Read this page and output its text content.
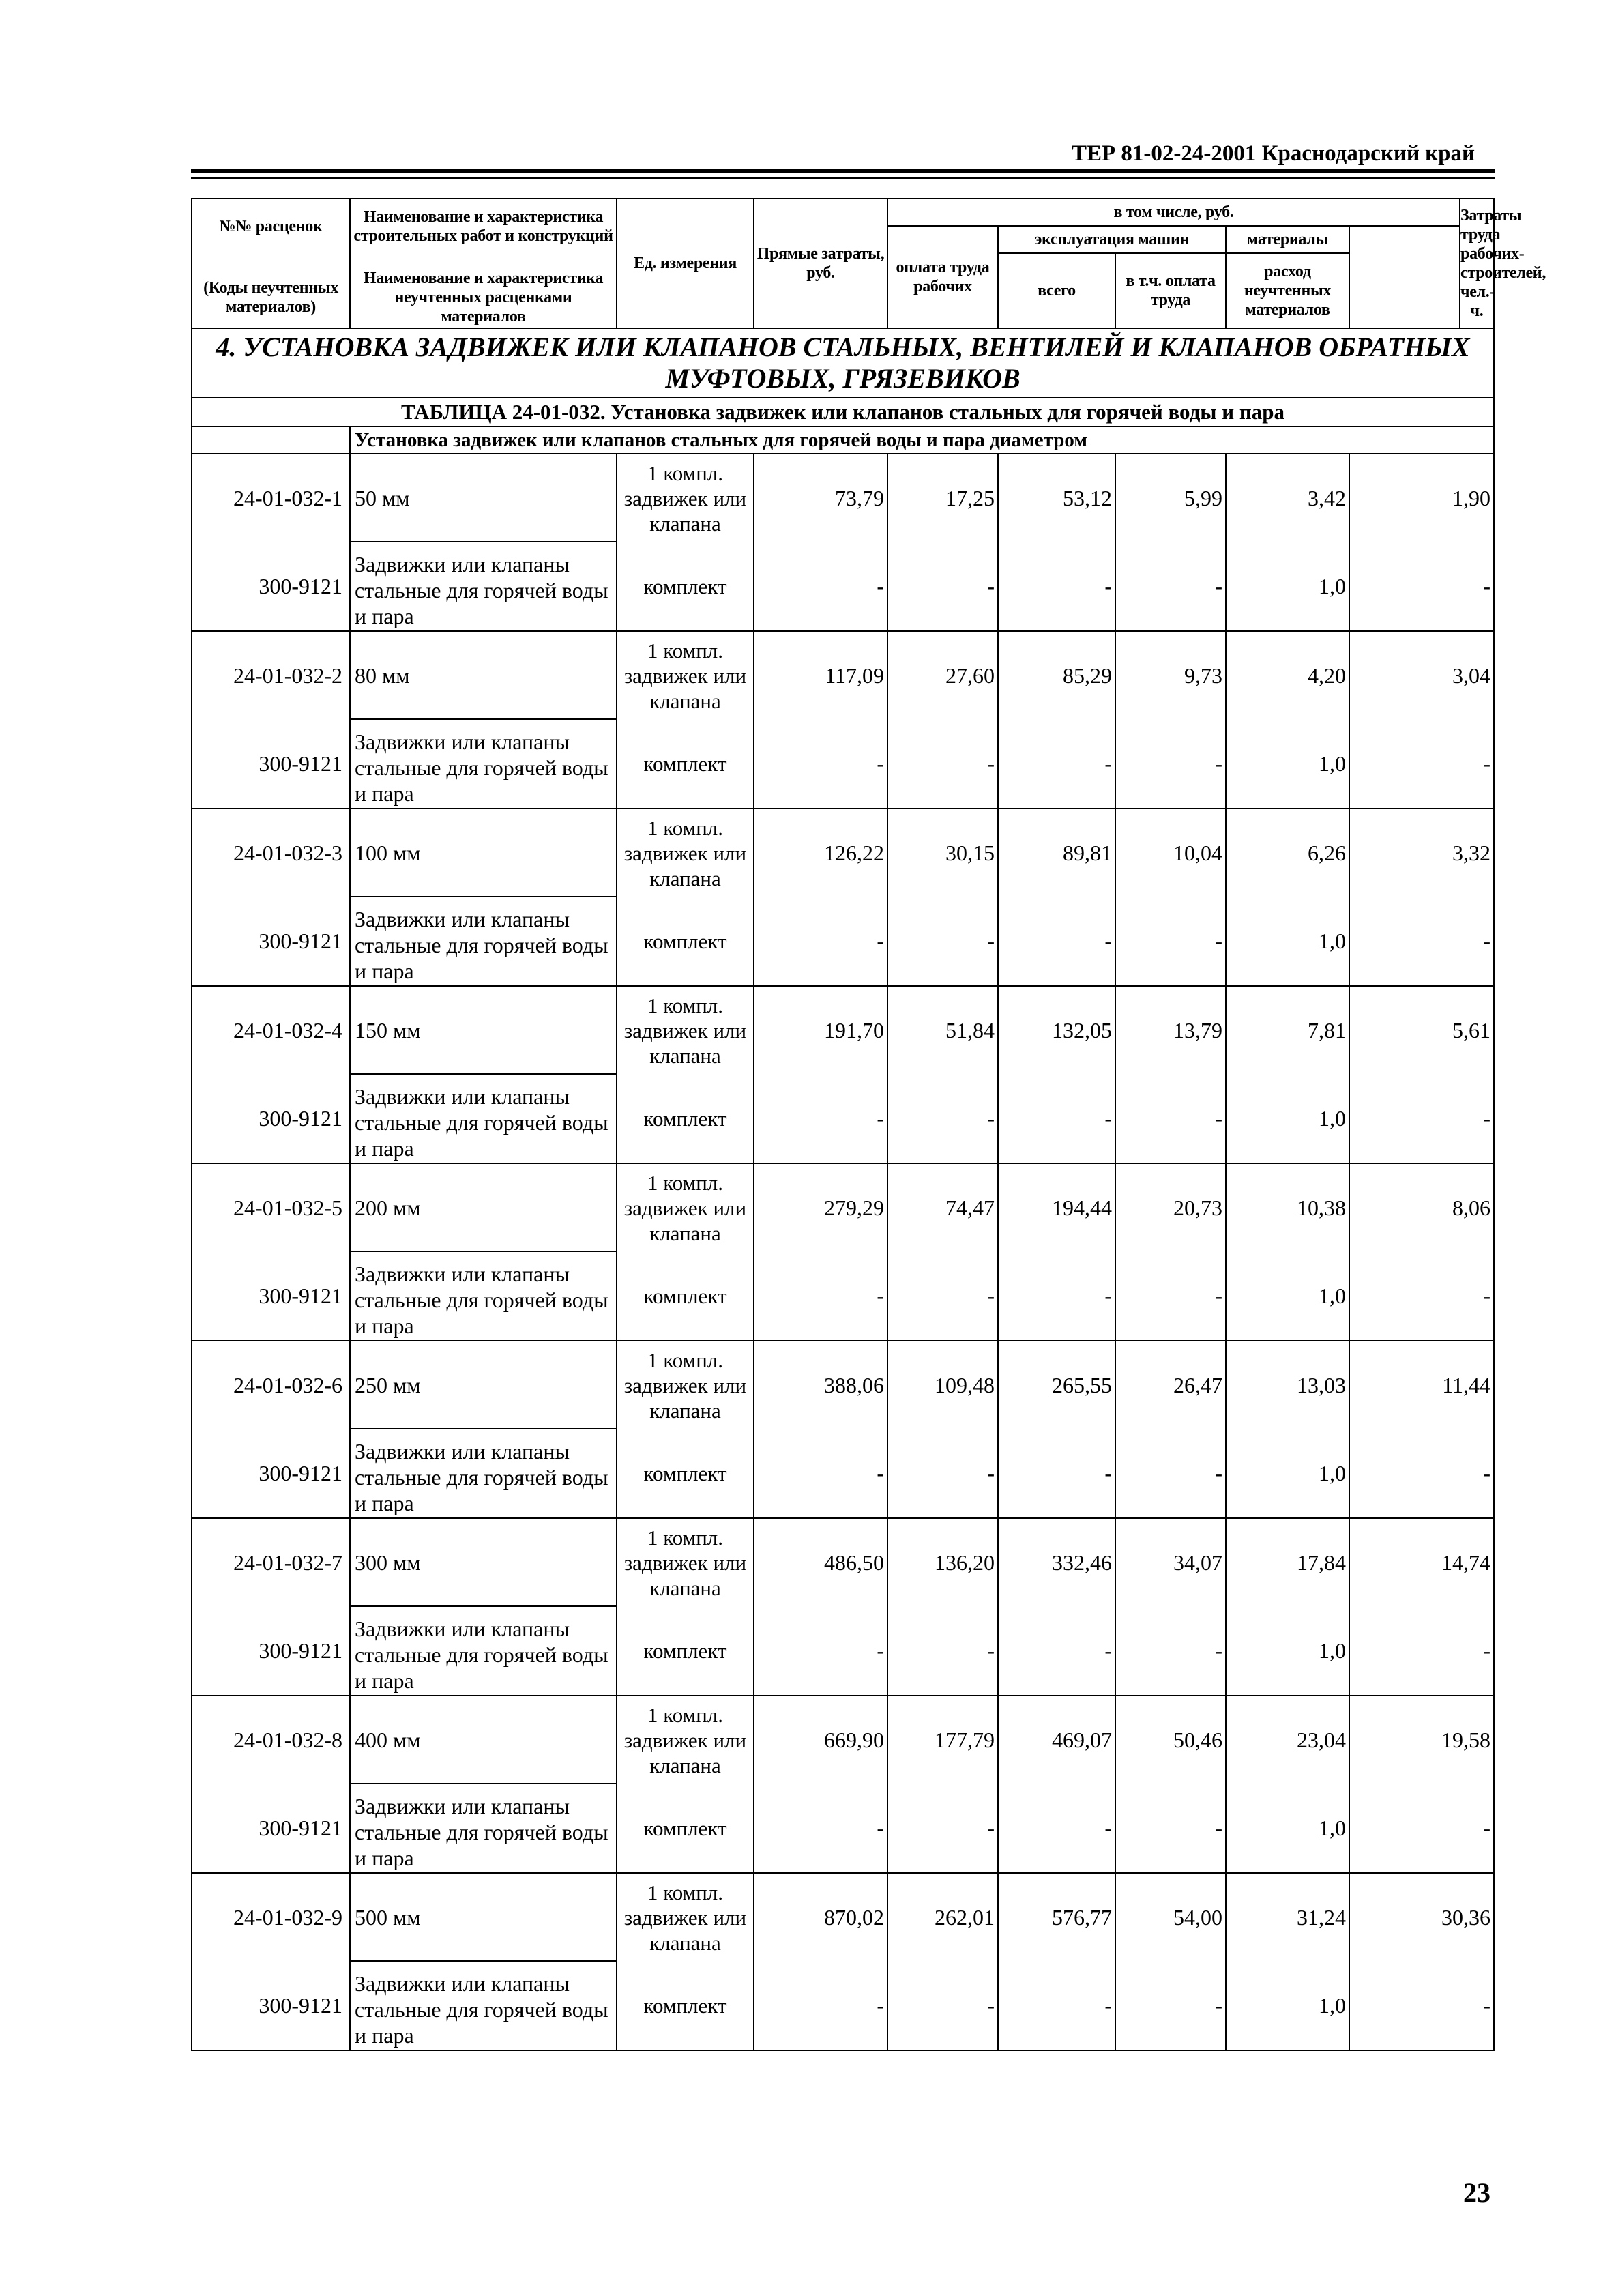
ТЕР 81-02-24-2001 Краснодарский край
№№ расценок	Наименование и характеристика строительных работ и конструкций	Ед. измерения	Прямые затраты, руб.	в том числе, руб.					Затраты труда рабочих-строителей, чел.-ч.
				оплата труда рабочих	эксплуатация машин		материалы		
					всего	в т.ч. оплата труда	расход неучтенных материалов		
(Коды неучтенных материалов)	Наименование и характеристика неучтенных расценками материалов								
4. УСТАНОВКА ЗАДВИЖЕК ИЛИ КЛАПАНОВ СТАЛЬНЫХ, ВЕНТИЛЕЙ И КЛАПАНОВ ОБРАТНЫХ МУФТОВЫХ, ГРЯЗЕВИКОВ									
ТАБЛИЦА 24-01-032. Установка задвижек или клапанов стальных для горячей воды и пара									
	Установка задвижек или клапанов стальных для горячей воды и пара диаметром								
24-01-032-1	50 мм	1 компл. задвижек или клапана	73,79	17,25	53,12	5,99	3,42	1,90	
300-9121	Задвижки или клапаны стальные для горячей воды и пара	комплект	-	-	-	-	1,0	-	
24-01-032-2	80 мм	1 компл. задвижек или клапана	117,09	27,60	85,29	9,73	4,20	3,04	
300-9121	Задвижки или клапаны стальные для горячей воды и пара	комплект	-	-	-	-	1,0	-	
24-01-032-3	100 мм	1 компл. задвижек или клапана	126,22	30,15	89,81	10,04	6,26	3,32	
300-9121	Задвижки или клапаны стальные для горячей воды и пара	комплект	-	-	-	-	1,0	-	
24-01-032-4	150 мм	1 компл. задвижек или клапана	191,70	51,84	132,05	13,79	7,81	5,61	
300-9121	Задвижки или клапаны стальные для горячей воды и пара	комплект	-	-	-	-	1,0	-	
24-01-032-5	200 мм	1 компл. задвижек или клапана	279,29	74,47	194,44	20,73	10,38	8,06	
300-9121	Задвижки или клапаны стальные для горячей воды и пара	комплект	-	-	-	-	1,0	-	
24-01-032-6	250 мм	1 компл. задвижек или клапана	388,06	109,48	265,55	26,47	13,03	11,44	
300-9121	Задвижки или клапаны стальные для горячей воды и пара	комплект	-	-	-	-	1,0	-	
24-01-032-7	300 мм	1 компл. задвижек или клапана	486,50	136,20	332,46	34,07	17,84	14,74	
300-9121	Задвижки или клапаны стальные для горячей воды и пара	комплект	-	-	-	-	1,0	-	
24-01-032-8	400 мм	1 компл. задвижек или клапана	669,90	177,79	469,07	50,46	23,04	19,58	
300-9121	Задвижки или клапаны стальные для горячей воды и пара	комплект	-	-	-	-	1,0	-	
24-01-032-9	500 мм	1 компл. задвижек или клапана	870,02	262,01	576,77	54,00	31,24	30,36	
300-9121	Задвижки или клапаны стальные для горячей воды и пара	комплект	-	-	-	-	1,0	-	
23
